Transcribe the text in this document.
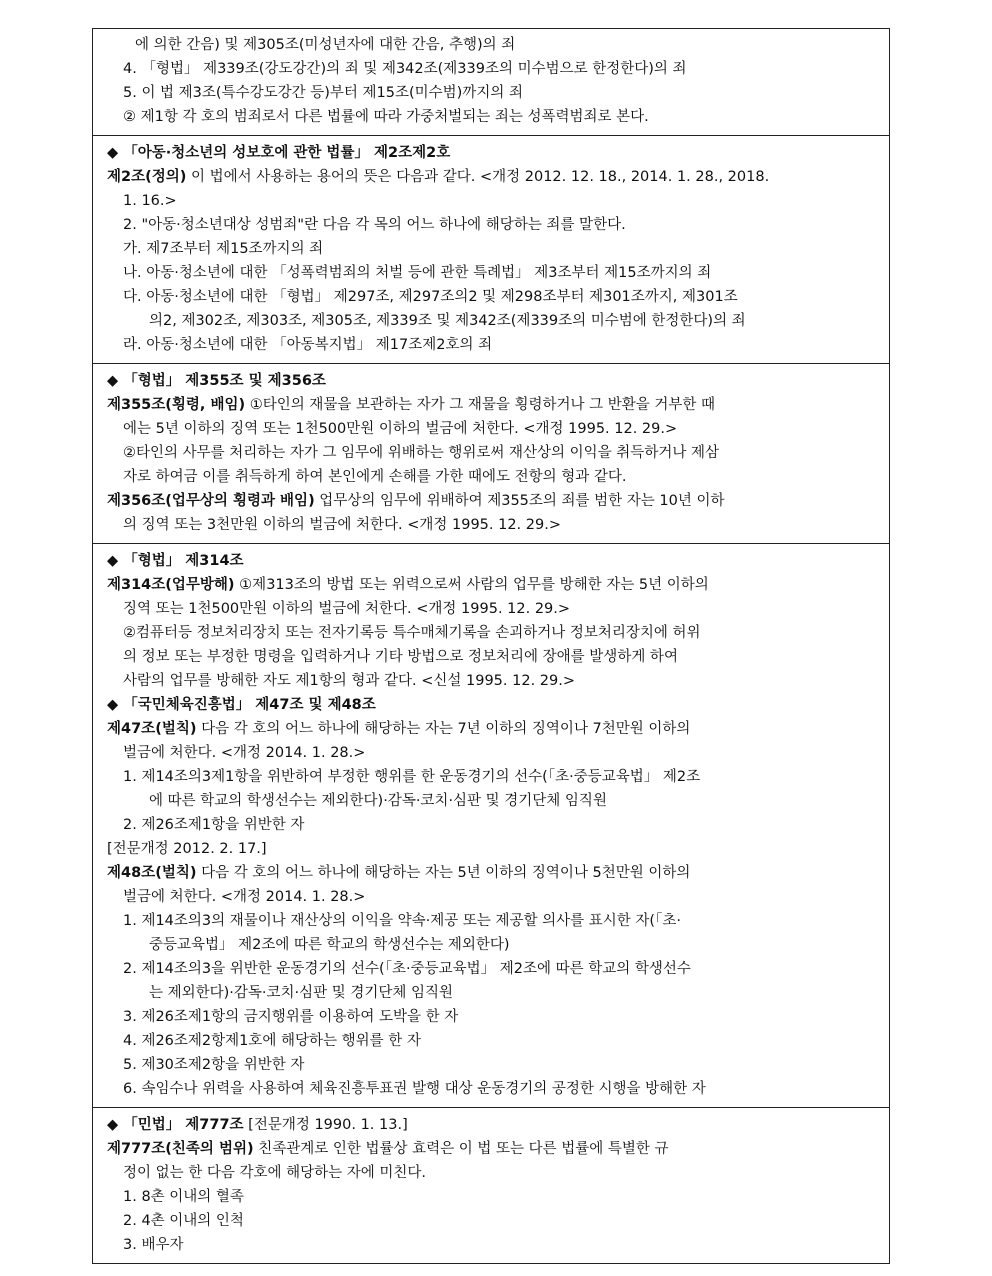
에 의한 간음) 및 제305조(미성년자에 대한 간음, 추행)의 죄
4. 「형법」 제339조(강도강간)의 죄 및 제342조(제339조의 미수범으로 한정한다)의 죄
5. 이 법 제3조(특수강도강간 등)부터 제15조(미수범)까지의 죄
② 제1항 각 호의 범죄로서 다른 법률에 따라 가중처벌되는 죄는 성폭력범죄로 본다.
◆ 「아동·청소년의 성보호에 관한 법률」 제2조제2호
제2조(정의) 이 법에서 사용하는 용어의 뜻은 다음과 같다. <개정 2012. 12. 18., 2014. 1. 28., 2018.
1. 16.>
2. "아동·청소년대상 성범죄"란 다음 각 목의 어느 하나에 해당하는 죄를 말한다.
가. 제7조부터 제15조까지의 죄
나. 아동·청소년에 대한 「성폭력범죄의 처벌 등에 관한 특례법」 제3조부터 제15조까지의 죄
다. 아동·청소년에 대한 「형법」 제297조, 제297조의2 및 제298조부터 제301조까지, 제301조
의2, 제302조, 제303조, 제305조, 제339조 및 제342조(제339조의 미수범에 한정한다)의 죄
라. 아동·청소년에 대한 「아동복지법」 제17조제2호의 죄
◆ 「형법」 제355조 및 제356조
제355조(횡령, 배임) ①타인의 재물을 보관하는 자가 그 재물을 횡령하거나 그 반환을 거부한 때
에는 5년 이하의 징역 또는 1천500만원 이하의 벌금에 처한다. <개정 1995. 12. 29.>
②타인의 사무를 처리하는 자가 그 임무에 위배하는 행위로써 재산상의 이익을 취득하거나 제삼
자로 하여금 이를 취득하게 하여 본인에게 손해를 가한 때에도 전항의 형과 같다.
제356조(업무상의 횡령과 배임) 업무상의 임무에 위배하여 제355조의 죄를 범한 자는 10년 이하
의 징역 또는 3천만원 이하의 벌금에 처한다. <개정 1995. 12. 29.>
◆ 「형법」 제314조
제314조(업무방해) ①제313조의 방법 또는 위력으로써 사람의 업무를 방해한 자는 5년 이하의
징역 또는 1천500만원 이하의 벌금에 처한다. <개정 1995. 12. 29.>
②컴퓨터등 정보처리장치 또는 전자기록등 특수매체기록을 손괴하거나 정보처리장치에 허위
의 정보 또는 부정한 명령을 입력하거나 기타 방법으로 정보처리에 장애를 발생하게 하여
사람의 업무를 방해한 자도 제1항의 형과 같다. <신설 1995. 12. 29.>
◆ 「국민체육진흥법」 제47조 및 제48조
제47조(벌칙) 다음 각 호의 어느 하나에 해당하는 자는 7년 이하의 징역이나 7천만원 이하의
벌금에 처한다. <개정 2014. 1. 28.>
1. 제14조의3제1항을 위반하여 부정한 행위를 한 운동경기의 선수(「초·중등교육법」 제2조
에 따른 학교의 학생선수는 제외한다)·감독·코치·심판 및 경기단체 임직원
2. 제26조제1항을 위반한 자
[전문개정 2012. 2. 17.]
제48조(벌칙) 다음 각 호의 어느 하나에 해당하는 자는 5년 이하의 징역이나 5천만원 이하의
벌금에 처한다. <개정 2014. 1. 28.>
1. 제14조의3의 재물이나 재산상의 이익을 약속·제공 또는 제공할 의사를 표시한 자(「초·
중등교육법」 제2조에 따른 학교의 학생선수는 제외한다)
2. 제14조의3을 위반한 운동경기의 선수(「초·중등교육법」 제2조에 따른 학교의 학생선수
는 제외한다)·감독·코치·심판 및 경기단체 임직원
3. 제26조제1항의 금지행위를 이용하여 도박을 한 자
4. 제26조제2항제1호에 해당하는 행위를 한 자
5. 제30조제2항을 위반한 자
6. 속임수나 위력을 사용하여 체육진흥투표권 발행 대상 운동경기의 공정한 시행을 방해한 자
◆ 「민법」 제777조 [전문개정 1990. 1. 13.]
제777조(친족의 범위) 친족관계로 인한 법률상 효력은 이 법 또는 다른 법률에 특별한 규
정이 없는 한 다음 각호에 해당하는 자에 미친다.
1. 8촌 이내의 혈족
2. 4촌 이내의 인척
3. 배우자
